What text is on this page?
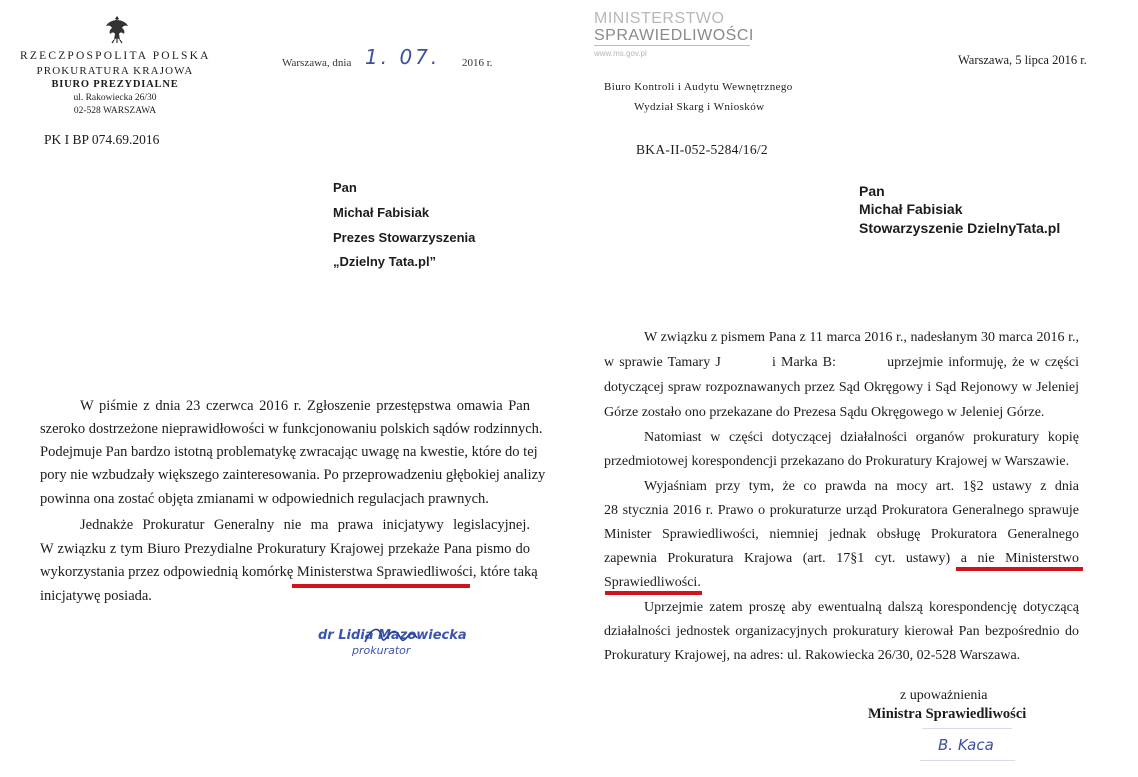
RZECZPOSPOLITA POLSKA
PROKURATURA KRAJOWA
BIURO PREZYDIALNE
ul. Rakowiecka 26/30
02-528 WARSZAWA
Warszawa, dnia 1. 07. 2016 r.
PK I BP 074.69.2016
Pan
Michał Fabisiak
Prezes Stowarzyszenia
„Dzielny Tata.pl”
W piśmie z dnia 23 czerwca 2016 r. Zgłoszenie przestępstwa omawia Pan
szeroko dostrzeżone nieprawidłowości w funkcjonowaniu polskich sądów rodzinnych.
Podejmuje Pan bardzo istotną problematykę zwracając uwagę na kwestie, które do tej
pory nie wzbudzały większego zainteresowania. Po przeprowadzeniu głębokiej analizy
powinna ona zostać objęta zmianami w odpowiednich regulacjach prawnych.
Jednakże Prokuratur Generalny nie ma prawa inicjatywy legislacyjnej.
W związku z tym Biuro Prezydialne Prokuratury Krajowej przekaże Pana pismo do
wykorzystania przez odpowiednią komórkę Ministerstwa Sprawiedliwości, które taką
inicjatywę posiada.
dr Lidia Mazowiecka
prokurator
MINISTERSTWO
SPRAWIEDLIWOŚCI
www.ms.gov.pl	Warszawa, 5 lipca 2016 r.
Biuro Kontroli i Audytu Wewnętrznego
Wydział Skarg i Wniosków
BKA-II-052-5284/16/2
Pan
Michał Fabisiak
Stowarzyszenie DzielnyTata.pl
W związku z pismem Pana z 11 marca 2016 r., nadesłanym 30 marca 2016 r.,
w sprawie Tamary J          i Marka B:          uprzejmie informuję, że w części
dotyczącej spraw rozpoznawanych przez Sąd Okręgowy i Sąd Rejonowy w Jeleniej
Górze zostało ono przekazane do Prezesa Sądu Okręgowego w Jeleniej Górze.
Natomiast w części dotyczącej działalności organów prokuratury kopię
przedmiotowej korespondencji przekazano do Prokuratury Krajowej w Warszawie.
Wyjaśniam przy tym, że co prawda na mocy art. 1§2 ustawy z dnia
28 stycznia 2016 r. Prawo o prokuraturze urząd Prokuratora Generalnego sprawuje
Minister Sprawiedliwości, niemniej jednak obsługę Prokuratora Generalnego
zapewnia Prokuratura Krajowa (art. 17§1 cyt. ustawy) a nie Ministerstwo
Sprawiedliwości.
Uprzejmie zatem proszę aby ewentualną dalszą korespondencję dotyczącą
działalności jednostek organizacyjnych prokuratury kierował Pan bezpośrednio do
Prokuratury Krajowej, na adres: ul. Rakowiecka 26/30, 02-528 Warszawa.
z upoważnienia
Ministra Sprawiedliwości
B. Kaca
